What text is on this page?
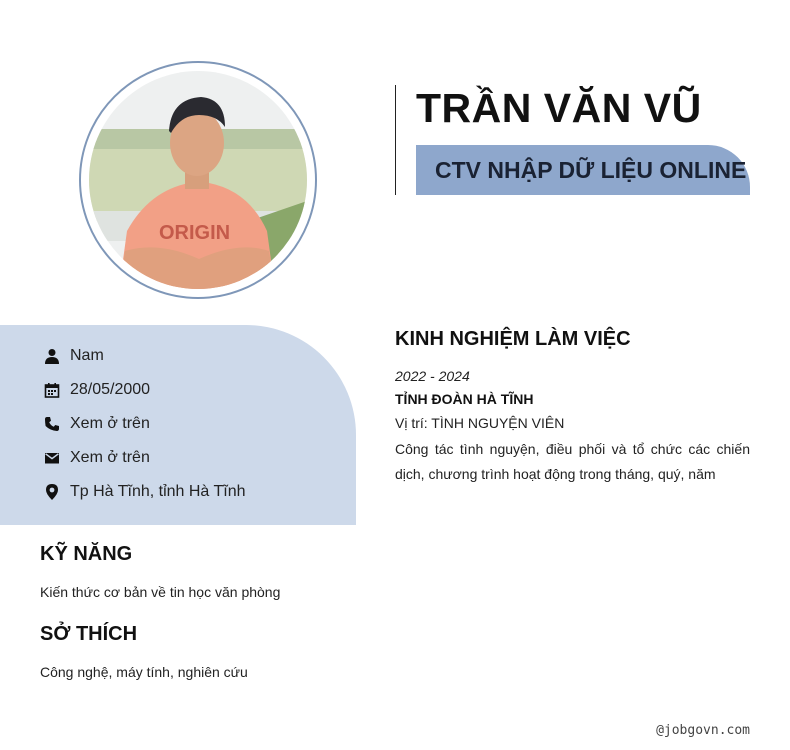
ORIGIN
TRẦN VĂN VŨ
CTV NHẬP DỮ LIỆU ONLINE
Nam
28/05/2000
Xem ở trên
Xem ở trên
Tp Hà Tĩnh, tỉnh Hà Tĩnh
KỸ NĂNG
Kiến thức cơ bản về tin học văn phòng
SỞ THÍCH
Công nghệ, máy tính, nghiên cứu
KINH NGHIỆM LÀM VIỆC
2022 - 2024
TỈNH ĐOÀN HÀ TĨNH
Vị trí: TÌNH NGUYỆN VIÊN
Công tác tình nguyện, điều phối và tổ chức các chiến dịch, chương trình hoạt động trong tháng, quý, năm
@jobgovn.com
